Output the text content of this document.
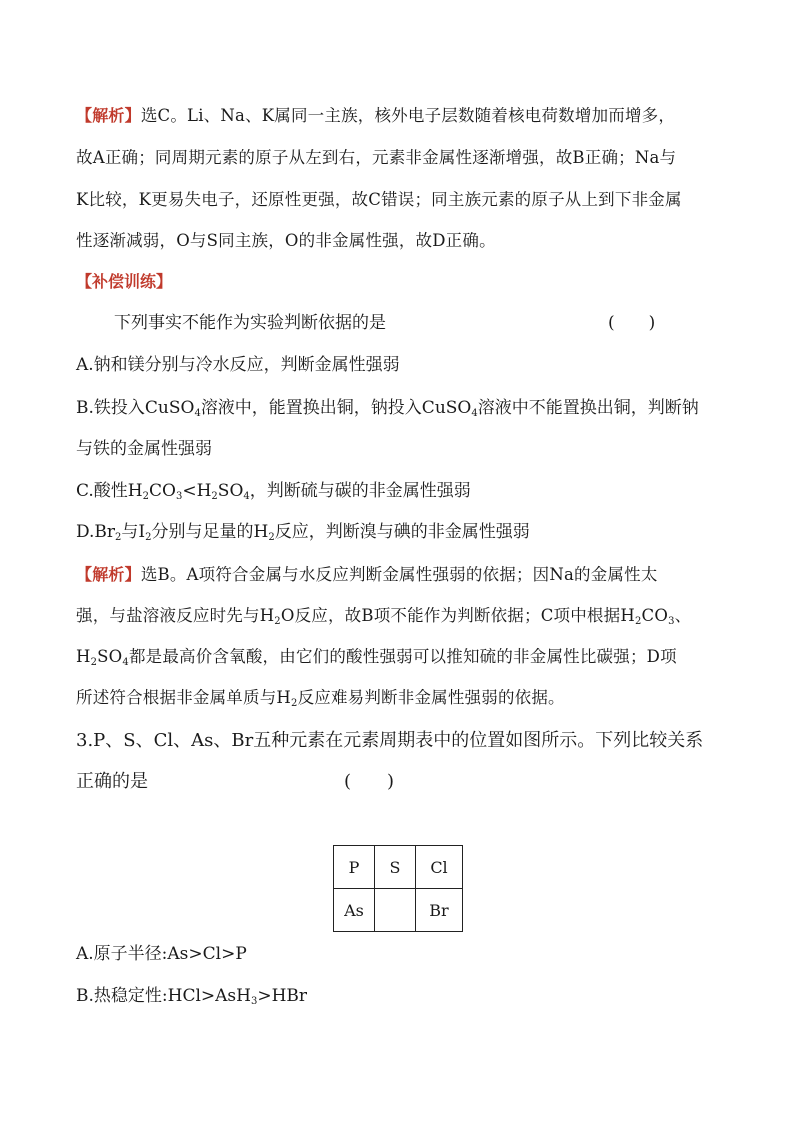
【解析】选C。Li、Na、K属同一主族，核外电子层数随着核电荷数增加而增多，
故A正确；同周期元素的原子从左到右，元素非金属性逐渐增强，故B正确；Na与
K比较，K更易失电子，还原性更强，故C错误；同主族元素的原子从上到下非金属
性逐渐减弱，O与S同主族，O的非金属性强，故D正确。
【补偿训练】
下列事实不能作为实验判断依据的是	(　　)
A.钠和镁分别与冷水反应，判断金属性强弱
B.铁投入CuSO$_4$溶液中，能置换出铜，钠投入CuSO$_4$溶液中不能置换出铜，判断钠
与铁的金属性强弱
C.酸性$H_2CO_3<H_2SO_4$，判断硫与碳的非金属性强弱
$D.Br_2$与$I_2$分别与足量的$H_2$反应，判断溴与碘的非金属性强弱
【解析】选B。A项符合金属与水反应判断金属性强弱的依据；因Na的金属性太
强，与盐溶液反应时先与$H_2O$反应，故B项不能作为判断依据；C项中根据$H_2CO_3$、
$H_2SO_4$都是最高价含氧酸，由它们的酸性强弱可以推知硫的非金属性比碳强；D项
所述符合根据非金属单质与$H_2$反应难易判断非金属性强弱的依据。
3.P、S、Cl、As、Br五种元素在元素周期表中的位置如图所示。下列比较关系
正确的是	(　　)
P	S	Cl
As		Br
A.原子半径:As>Cl>P
B.热稳定性:HCl>AsH$_3$>HBr
